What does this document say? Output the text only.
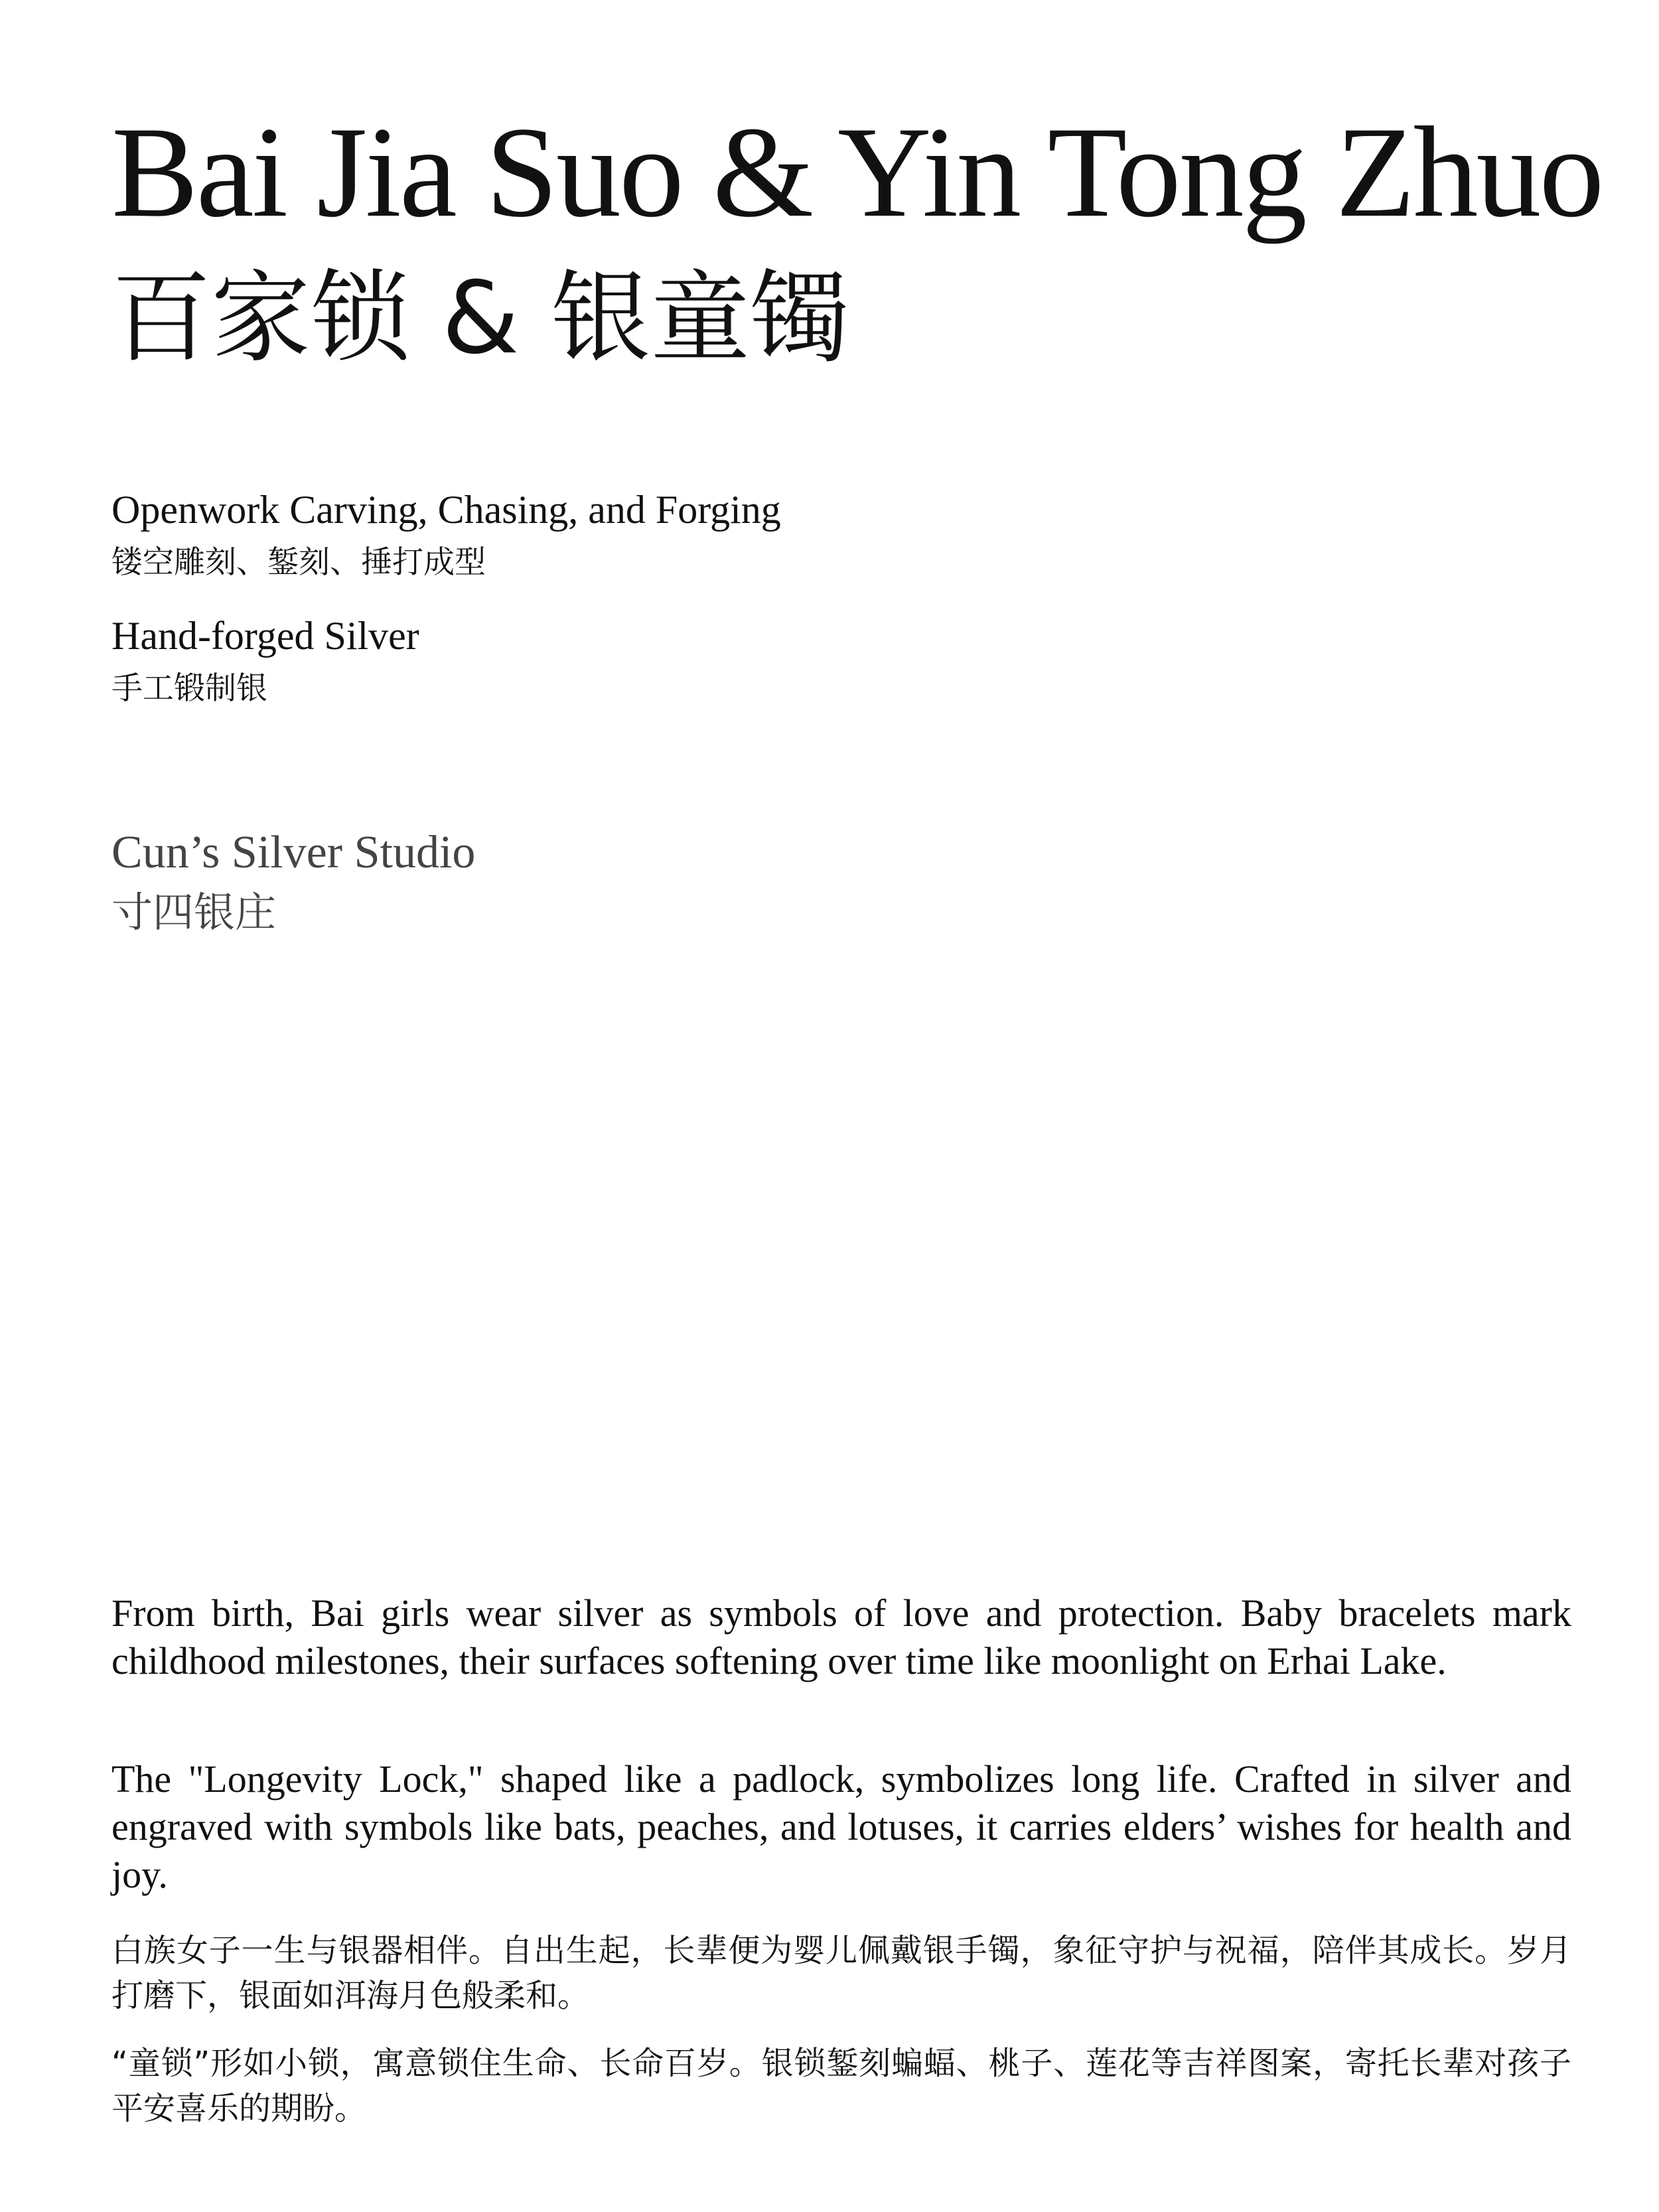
Bai Jia Suo & Yin Tong Zhuo
百家锁 & 银童镯
Openwork Carving, Chasing, and Forging
镂空雕刻、錾刻、捶打成型
Hand-forged Silver
手工锻制银
Cun’s Silver Studio
寸四银庄

From birth, Bai girls wear silver as symbols of love and protection. Baby bracelets mark childhood milestones, their surfaces softening over time like moonlight on Erhai Lake.

The "Longevity Lock," shaped like a padlock, symbolizes long life. Crafted in silver and engraved with symbols like bats, peaches, and lotuses, it carries elders’ wishes for health and joy.

白族女子一生与银器相伴。自出生起，长辈便为婴儿佩戴银手镯，象征守护与祝福，陪伴其成长。岁月打磨下，银面如洱海月色般柔和。

“童锁”形如小锁，寓意锁住生命、长命百岁。银锁錾刻蝙蝠、桃子、莲花等吉祥图案，寄托长辈对孩子平安喜乐的期盼。
